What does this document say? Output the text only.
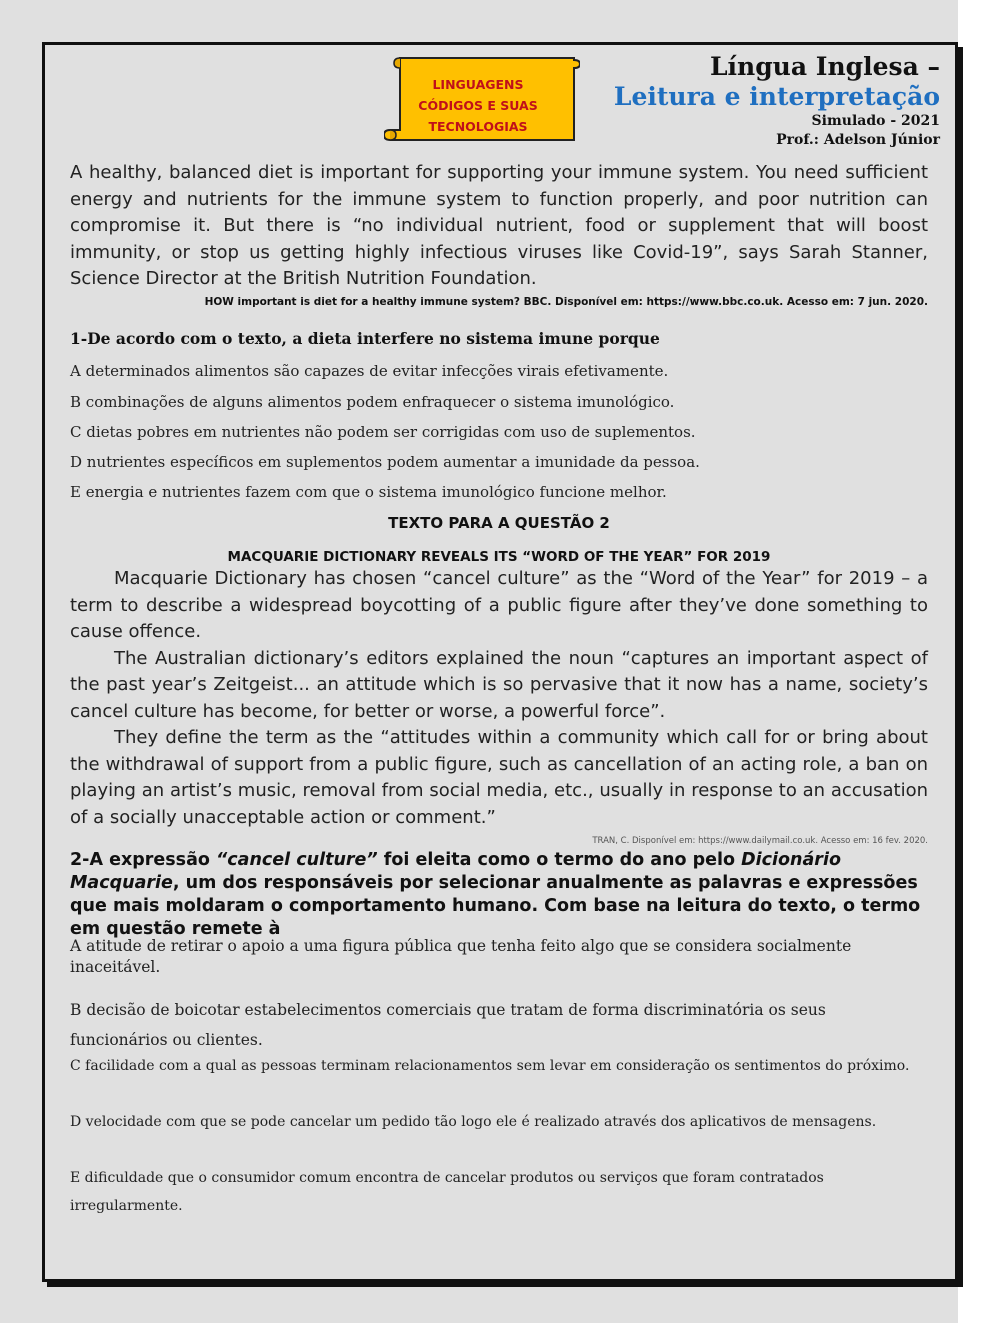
LINGUAGENS
CÓDIGOS E SUAS
TECNOLOGIAS
Língua Inglesa –
Leitura e interpretação
Simulado - 2021
Prof.: Adelson Júnior

A healthy, balanced diet is important for supporting your immune system. You need sufficient energy and nutrients for the immune system to function properly, and poor nutrition can compromise it. But there is “no individual nutrient, food or supplement that will boost immunity, or stop us getting highly infectious viruses like Covid-19”, says Sarah Stanner, Science Director at the British Nutrition Foundation.

HOW important is diet for a healthy immune system? BBC. Disponível em: https://www.bbc.co.uk. Acesso em: 7 jun. 2020.
1-De acordo com o texto, a dieta interfere no sistema imune porque
A determinados alimentos são capazes de evitar infecções virais efetivamente.
B combinações de alguns alimentos podem enfraquecer o sistema imunológico.
C dietas pobres em nutrientes não podem ser corrigidas com uso de suplementos.
D nutrientes específicos em suplementos podem aumentar a imunidade da pessoa.
E energia e nutrientes fazem com que o sistema imunológico funcione melhor.
TEXTO PARA A QUESTÃO 2
MACQUARIE DICTIONARY REVEALS ITS “WORD OF THE YEAR” FOR 2019

Macquarie Dictionary has chosen “cancel culture” as the “Word of the Year” for 2019 – a term to describe a widespread boycotting of a public figure after they’ve done something to cause offence.

The Australian dictionary’s editors explained the noun “captures an important aspect of the past year’s Zeitgeist... an attitude which is so pervasive that it now has a name, society’s cancel culture has become, for better or worse, a powerful force”.

They define the term as the “attitudes within a community which call for or bring about the withdrawal of support from a public figure, such as cancellation of an acting role, a ban on playing an artist’s music, removal from social media, etc., usually in response to an accusation of a socially unacceptable action or comment.”

TRAN, C. Disponível em: https://www.dailymail.co.uk. Acesso em: 16 fev. 2020.
2-A expressão “cancel culture” foi eleita como o termo do ano pelo Dicionário Macquarie, um dos responsáveis por selecionar anualmente as palavras e expressões que mais moldaram o comportamento humano. Com base na leitura do texto, o termo em questão remete à
A atitude de retirar o apoio a uma figura pública que tenha feito algo que se considera socialmente inaceitável.
B decisão de boicotar estabelecimentos comerciais que tratam de forma discriminatória os seus funcionários ou clientes.
C facilidade com a qual as pessoas terminam relacionamentos sem levar em consideração os sentimentos do próximo.
D velocidade com que se pode cancelar um pedido tão logo ele é realizado através dos aplicativos de mensagens.
E dificuldade que o consumidor comum encontra de cancelar produtos ou serviços que foram contratados irregularmente.
